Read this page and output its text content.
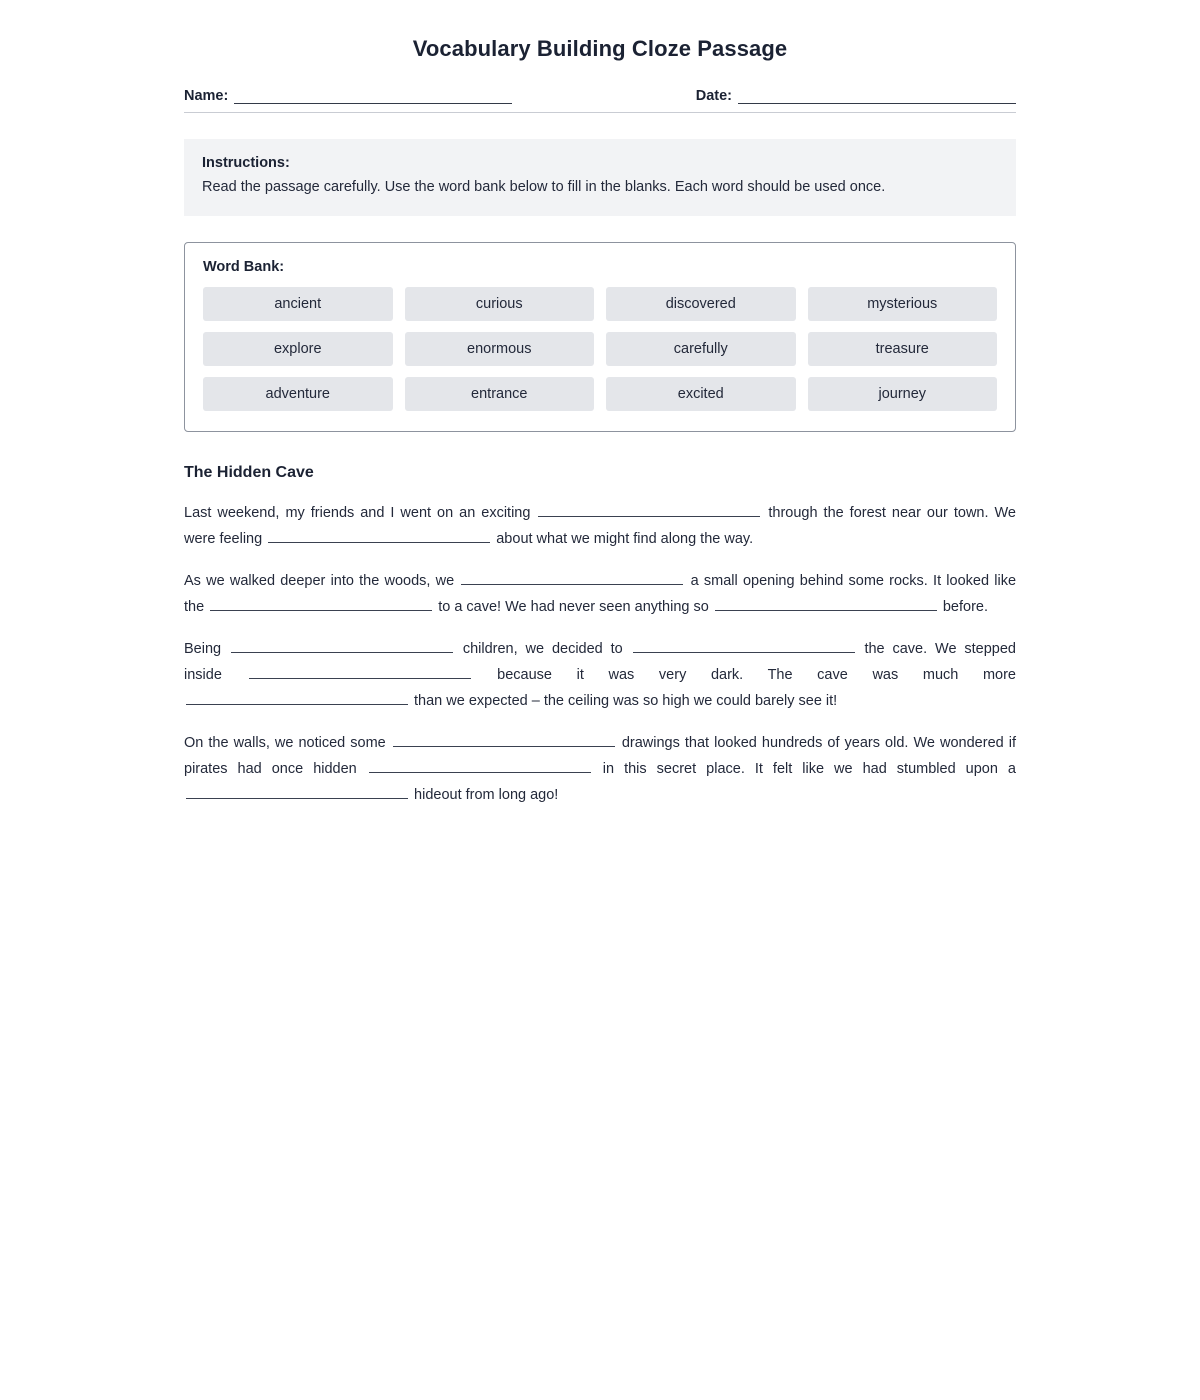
Vocabulary Building Cloze Passage
Name:	Date:
Instructions:
Read the passage carefully. Use the word bank below to fill in the blanks. Each word should be used once.
Word Bank:
ancient	curious	discovered	mysterious
explore	enormous	carefully	treasure
adventure	entrance	excited	journey
The Hidden Cave

Last weekend, my friends and I went on an exciting	through the forest near our town. We were feeling	about what we might find along the way.

As we walked deeper into the woods, we	a small opening behind some rocks. It looked like the	to a cave! We had never seen anything so	before.

Being	children, we decided to	the cave. We stepped inside	because it was very dark. The cave was much more  than we expected – the ceiling was so high we could barely see it!

On the walls, we noticed some	drawings that looked hundreds of years old. We wondered if pirates had once hidden	in this secret place. It felt like we had stumbled upon a  hideout from long ago!
